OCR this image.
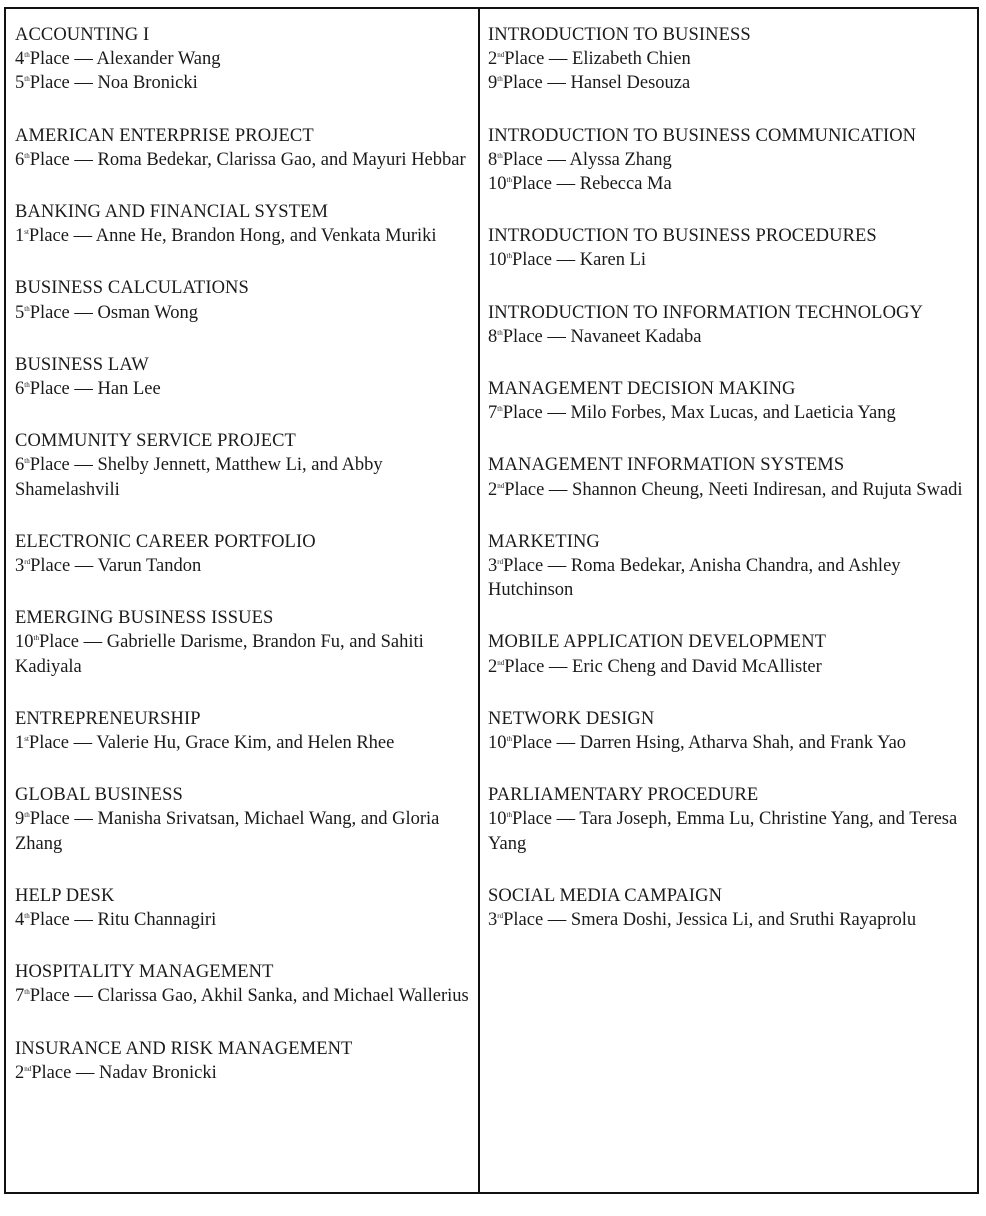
ACCOUNTING I
4thPlace — Alexander Wang
5thPlace — Noa Bronicki
AMERICAN ENTERPRISE PROJECT
6thPlace — Roma Bedekar, Clarissa Gao, and Mayuri Hebbar
BANKING AND FINANCIAL SYSTEM
1stPlace — Anne He, Brandon Hong, and Venkata Muriki
BUSINESS CALCULATIONS
5thPlace — Osman Wong
BUSINESS LAW
6thPlace — Han Lee
COMMUNITY SERVICE PROJECT
6thPlace — Shelby Jennett, Matthew Li, and Abby Shamelashvili
ELECTRONIC CAREER PORTFOLIO
3rdPlace — Varun Tandon
EMERGING BUSINESS ISSUES
10thPlace — Gabrielle Darisme, Brandon Fu, and Sahiti Kadiyala
ENTREPRENEURSHIP
1stPlace — Valerie Hu, Grace Kim, and Helen Rhee
GLOBAL BUSINESS
9thPlace — Manisha Srivatsan, Michael Wang, and Gloria Zhang
HELP DESK
4thPlace — Ritu Channagiri
HOSPITALITY MANAGEMENT
7thPlace — Clarissa Gao, Akhil Sanka, and Michael Wallerius
INSURANCE AND RISK MANAGEMENT
2ndPlace — Nadav Bronicki
INTRODUCTION TO BUSINESS
2ndPlace — Elizabeth Chien
9thPlace — Hansel Desouza
INTRODUCTION TO BUSINESS COMMUNICATION
8thPlace — Alyssa Zhang
10thPlace — Rebecca Ma
INTRODUCTION TO BUSINESS PROCEDURES
10thPlace — Karen Li
INTRODUCTION TO INFORMATION TECHNOLOGY
8thPlace — Navaneet Kadaba
MANAGEMENT DECISION MAKING
7thPlace — Milo Forbes, Max Lucas, and Laeticia Yang
MANAGEMENT INFORMATION SYSTEMS
2ndPlace — Shannon Cheung, Neeti Indiresan, and Rujuta Swadi
MARKETING
3rdPlace — Roma Bedekar, Anisha Chandra, and Ashley Hutchinson
MOBILE APPLICATION DEVELOPMENT
2ndPlace — Eric Cheng and David McAllister
NETWORK DESIGN
10thPlace — Darren Hsing, Atharva Shah, and Frank Yao
PARLIAMENTARY PROCEDURE
10thPlace — Tara Joseph, Emma Lu, Christine Yang, and Teresa Yang
SOCIAL MEDIA CAMPAIGN
3rdPlace — Smera Doshi, Jessica Li, and Sruthi Rayaprolu
